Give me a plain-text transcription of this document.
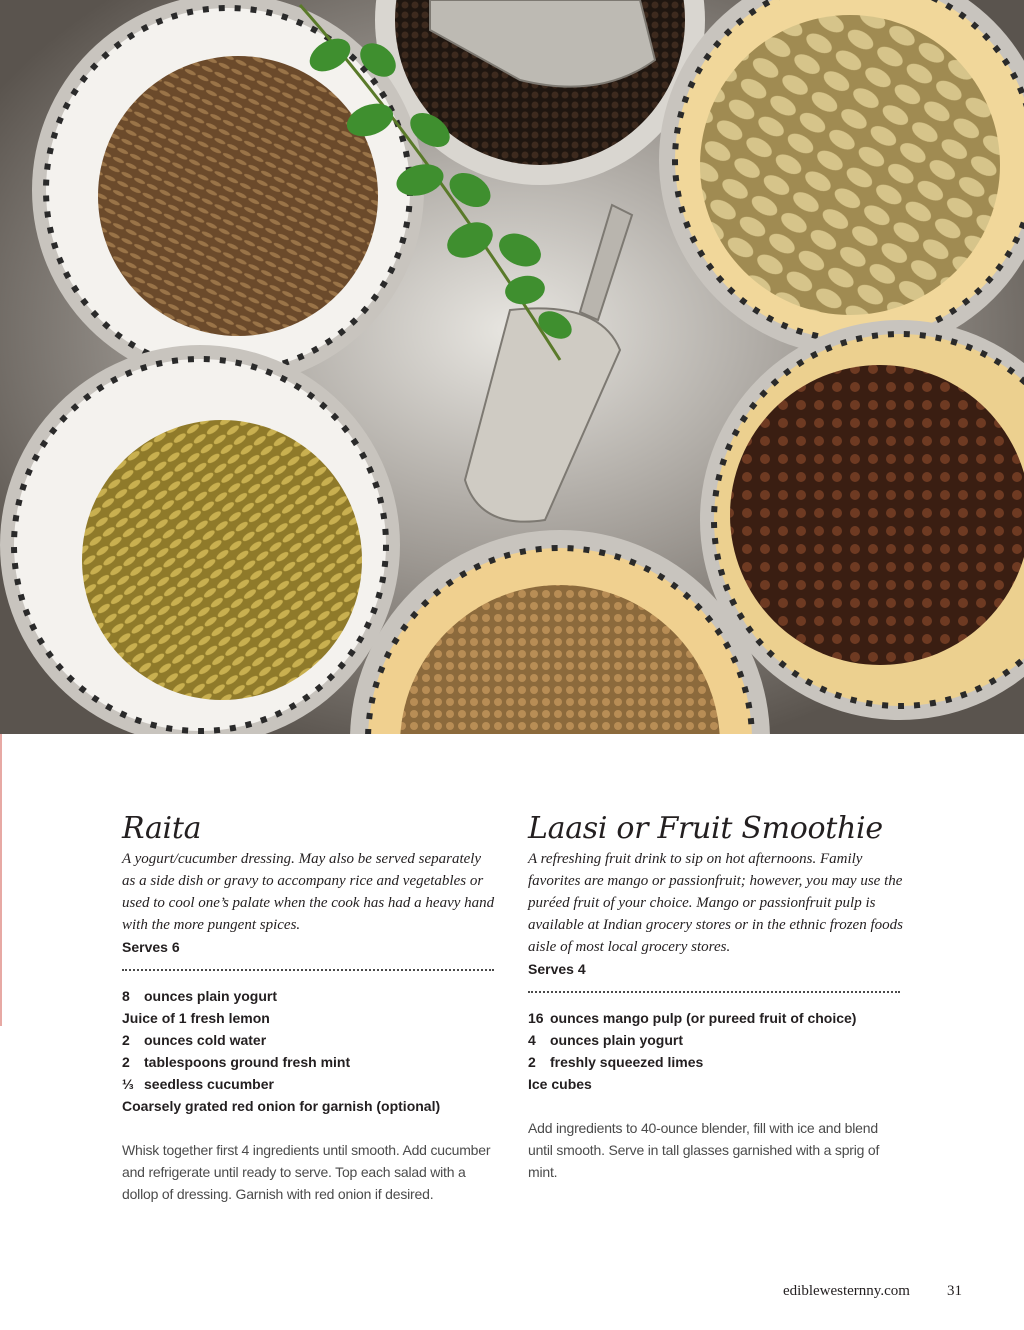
Raita

A yogurt/cucumber dressing. May also be served separately as a side dish or gravy to accompany rice and vegetables or used to cool one’s palate when the cook has had a heavy hand with the more pungent spices.

Serves 6

8 ounces plain yogurt
Juice of 1 fresh lemon
2 ounces cold water
2 tablespoons ground fresh mint
⅓ seedless cucumber
Coarsely grated red onion for garnish (optional)

Whisk together first 4 ingredients until smooth. Add cucumber and refrigerate until ready to serve. Top each salad with a dollop of dressing. Garnish with red onion if desired.

Laasi or Fruit Smoothie

A refreshing fruit drink to sip on hot afternoons. Family favorites are mango or passionfruit; however, you may use the puréed fruit of your choice. Mango or passionfruit pulp is available at Indian grocery stores or in the ethnic frozen foods aisle of most local grocery stores.

Serves 4

16 ounces mango pulp (or pureed fruit of choice)
4 ounces plain yogurt
2 freshly squeezed limes
Ice cubes

Add ingredients to 40-ounce blender, fill with ice and blend until smooth. Serve in tall glasses garnished with a sprig of mint.

ediblewesternny.com 31
